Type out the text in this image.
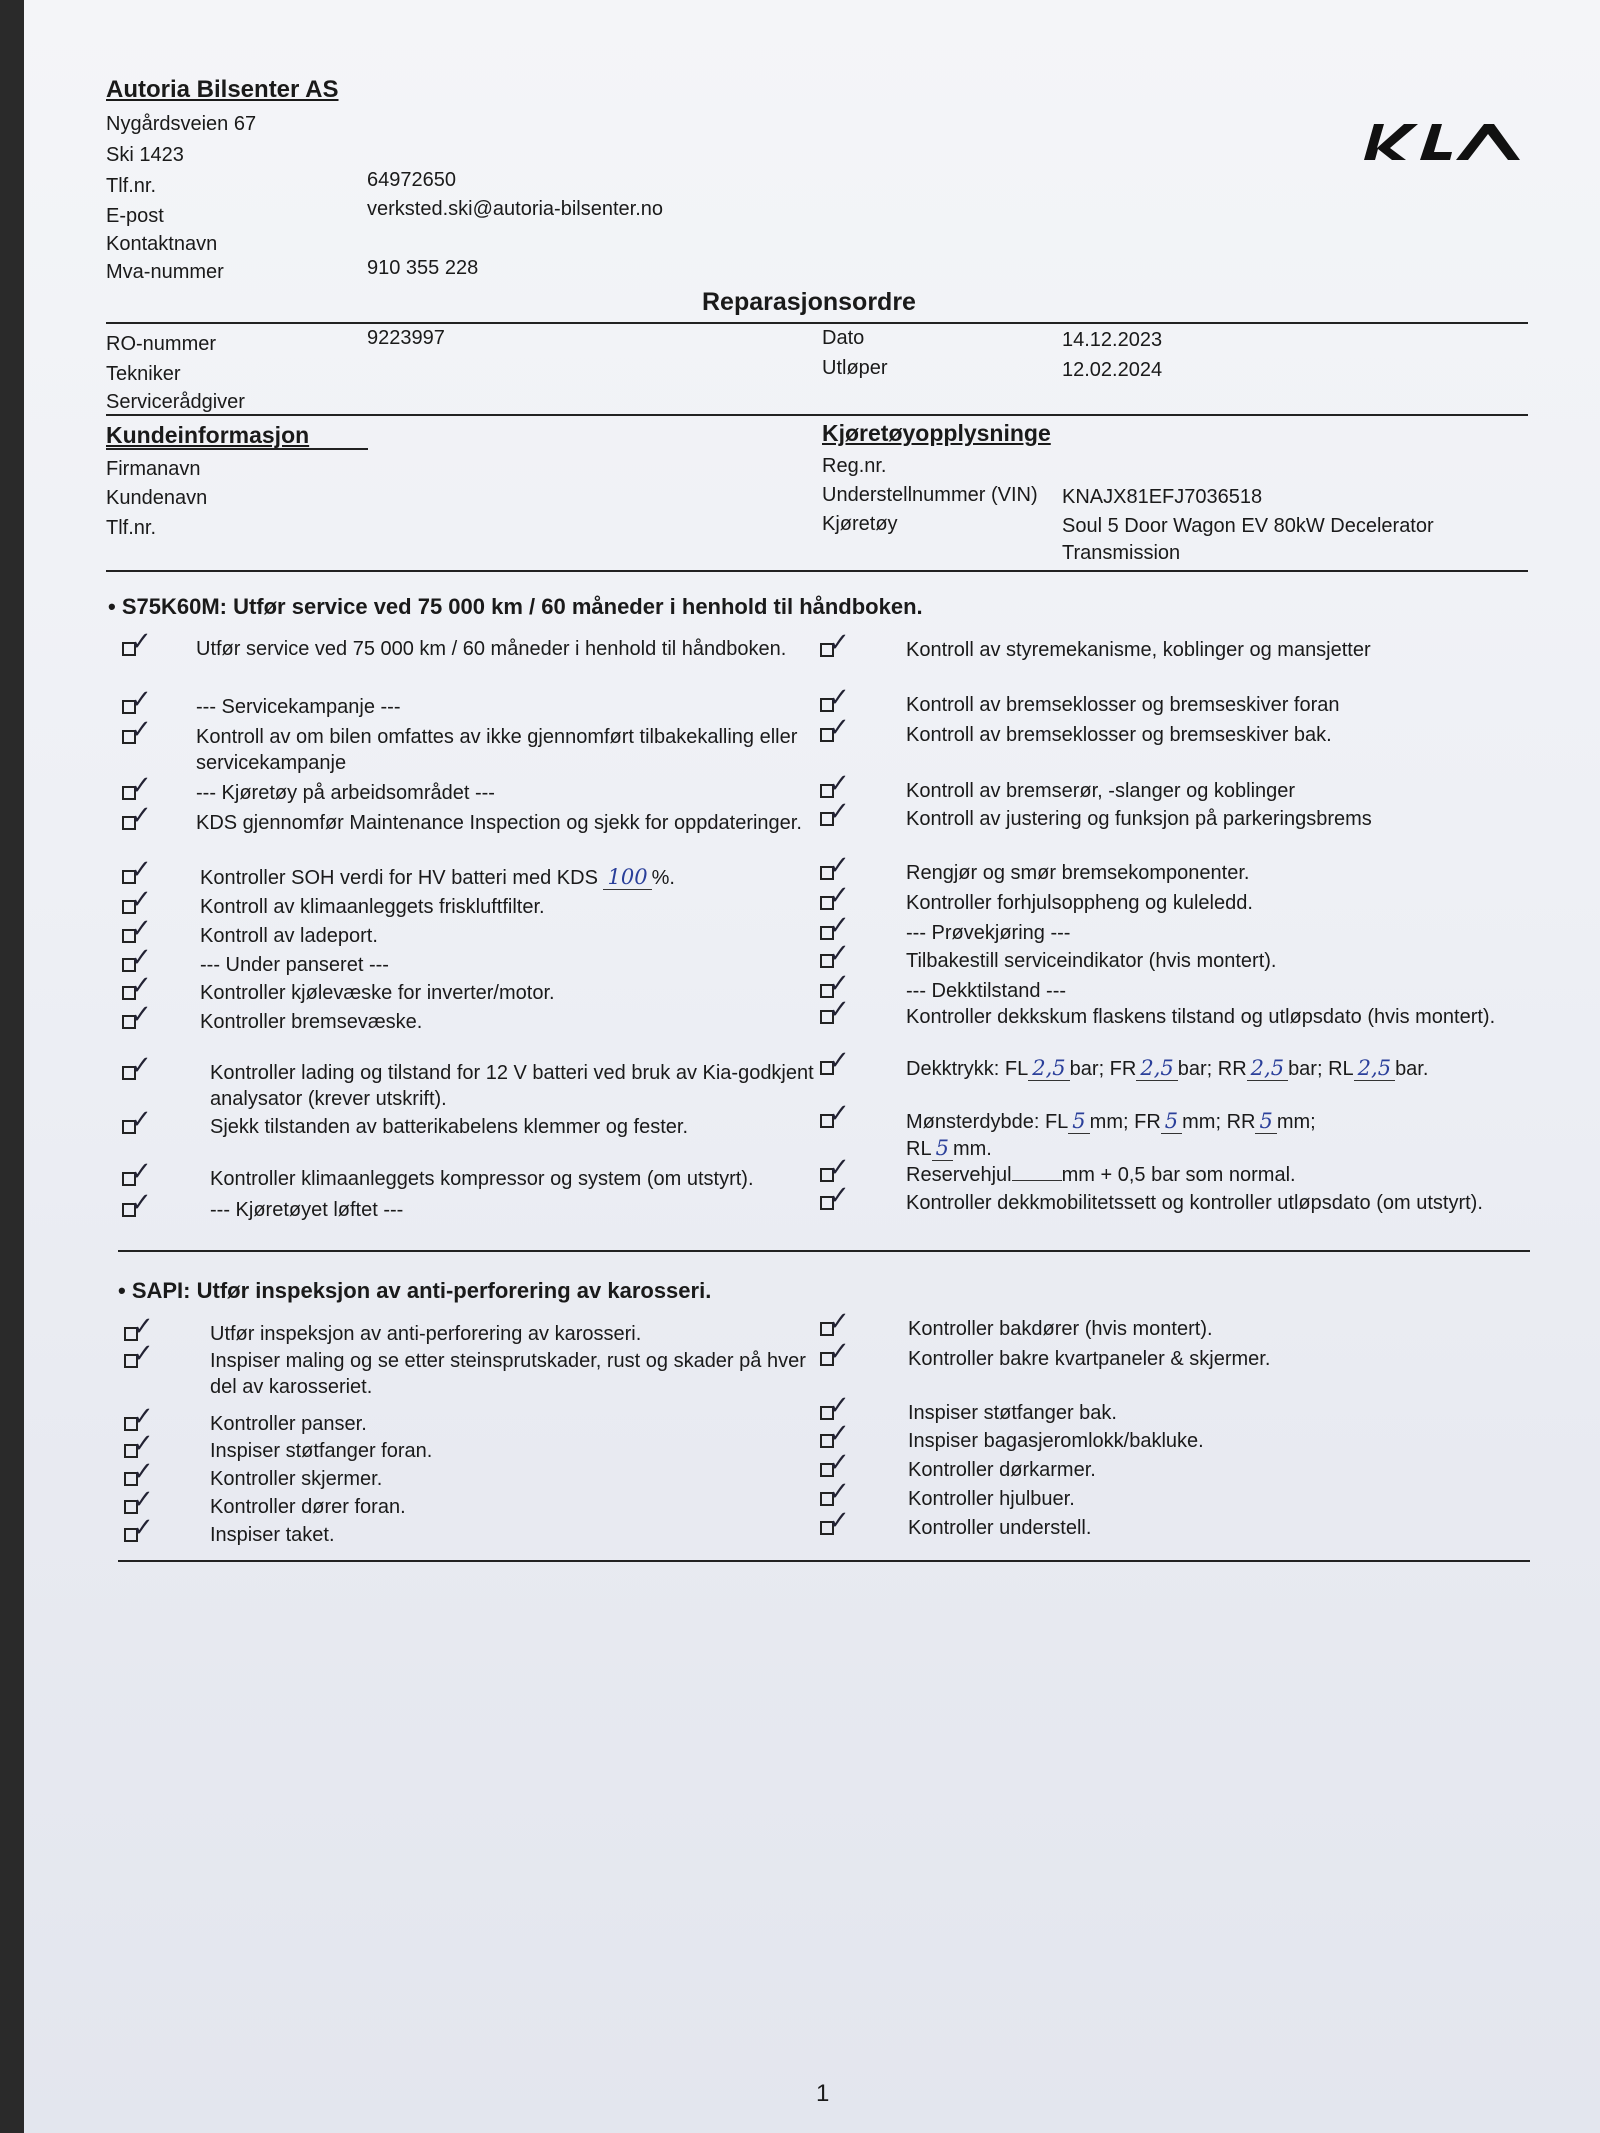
Autoria Bilsenter AS
Nygårdsveien 67
Ski 1423
Tlf.nr.	64972650
E-post	verksted.ski@autoria-bilsenter.no
Kontaktnavn
Mva-nummer	910 355 228
Reparasjonsordre
RO-nummer	9223997
Tekniker
Servicerådgiver
Dato	14.12.2023
Utløper	12.02.2024
Kundeinformasjon
Firmanavn
Kundenavn
Tlf.nr.
Kjøretøyopplysninge
Reg.nr.
Understellnummer (VIN) KNAJX81EFJ7036518
Kjøretøy	Soul 5 Door Wagon EV 80kW Decelerator
Transmission
• S75K60M: Utfør service ved 75 000 km / 60 måneder i henhold til håndboken.
✓ Utfør service ved 75 000 km / 60 måneder i henhold til håndboken.
✓ --- Servicekampanje ---
✓ Kontroll av om bilen omfattes av ikke gjennomført tilbakekalling eller servicekampanje
✓ --- Kjøretøy på arbeidsområdet ---
✓ KDS gjennomfør Maintenance Inspection og sjekk for oppdateringer.
✓ Kontroller SOH verdi for HV batteri med KDS 100 %.
✓ Kontroll av klimaanleggets friskluftfilter.
✓ Kontroll av ladeport.
✓ --- Under panseret ---
✓ Kontroller kjølevæske for inverter/motor.
✓ Kontroller bremsevæske.
✓	Kontroller lading og tilstand for 12 V batteri ved bruk av Kia-godkjent analysator (krever utskrift).
✓	Sjekk tilstanden av batterikabelens klemmer og fester.
✓	Kontroller klimaanleggets kompressor og system (om utstyrt).
✓	--- Kjøretøyet løftet ---
✓	Kontroll av styremekanisme, koblinger og mansjetter
✓	Kontroll av bremseklosser og bremseskiver foran
✓	Kontroll av bremseklosser og bremseskiver bak.
✓	Kontroll av bremserør, -slanger og koblinger
✓	Kontroll av justering og funksjon på parkeringsbrems
✓	Rengjør og smør bremsekomponenter.
✓	Kontroller forhjulsoppheng og kuleledd.
✓	--- Prøvekjøring ---
✓	Tilbakestill serviceindikator (hvis montert).
✓	--- Dekktilstand ---
✓	Kontroller dekkskum flaskens tilstand og utløpsdato (hvis montert).
✓	Dekktrykk: FL 2,5 bar; FR 2,5 bar; RR 2,5 bar; RL 2,5 bar.
✓	Mønsterdybde: FL 5 mm; FR 5 mm; RR 5 mm;
RL 5 mm.
✓	Reservehjul	mm + 0,5 bar som normal.
✓	Kontroller dekkmobilitetssett og kontroller utløpsdato (om utstyrt).
• SAPI: Utfør inspeksjon av anti-perforering av karosseri.
✓	Utfør inspeksjon av anti-perforering av karosseri.
✓	Inspiser maling og se etter steinsprutskader, rust og skader på hver del av karosseriet.
✓	Kontroller panser.
✓	Inspiser støtfanger foran.
✓	Kontroller skjermer.
✓	Kontroller dører foran.
✓	Inspiser taket.
✓	Kontroller bakdører (hvis montert).
✓	Kontroller bakre kvartpaneler & skjermer.
✓	Inspiser støtfanger bak.
✓	Inspiser bagasjeromlokk/bakluke.
✓	Kontroller dørkarmer.
✓	Kontroller hjulbuer.
✓	Kontroller understell.
1
